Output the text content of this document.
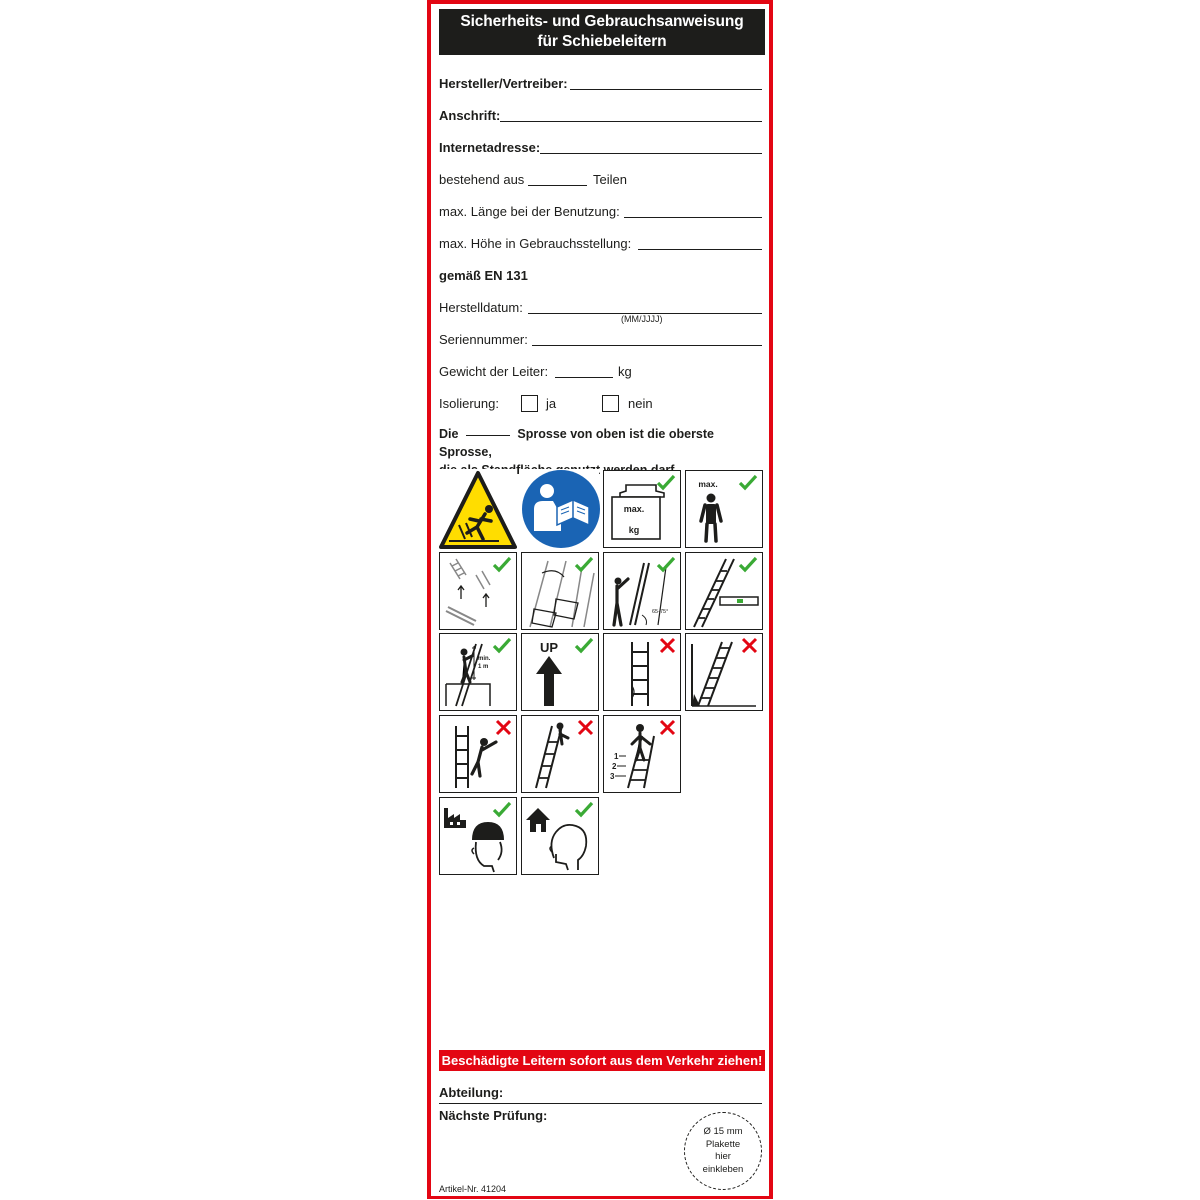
Sicherheits- und Gebrauchsanweisung
für Schiebeleitern
Hersteller/Vertreiber:
Anschrift:
Internetadresse:
bestehend aus	Teilen
max. Länge bei der Benutzung:
max. Höhe in Gebrauchsstellung:
gemäß EN 131
Herstelldatum:
(MM/JJJJ)
Seriennummer:
Gewicht der Leiter:	kg
Isolierung:	ja	nein
Die	Sprosse von oben ist die oberste Sprosse,

max.
kg
max.
65-75°
min.
1 m
UP
1
2
3
Beschädigte Leitern sofort aus dem Verkehr ziehen!
Abteilung:
Nächste Prüfung:
Ø 15 mm
Plakette
hier
einkleben
Artikel-Nr. 41204
